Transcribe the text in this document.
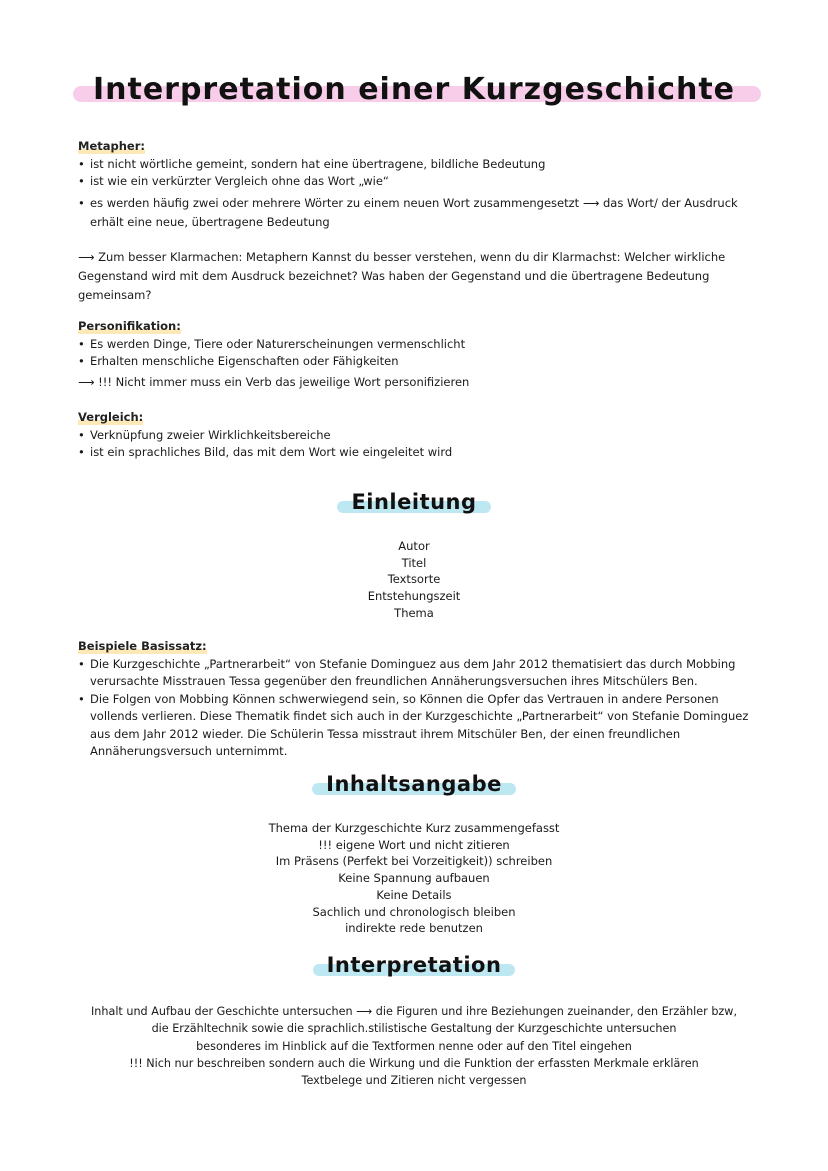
Interpretation einer Kurzgeschichte
Metapher:
• ist nicht wörtliche gemeint, sondern hat eine übertragene, bildliche Bedeutung
• ist wie ein verkürzter Vergleich ohne das Wort „wie“
• es werden häufig zwei oder mehrere Wörter zu einem neuen Wort zusammengesetzt ⟶ das Wort/ der Ausdruck erhält eine neue, übertragene Bedeutung

⟶ Zum besser Klarmachen: Metaphern Kannst du besser verstehen, wenn du dir Klarmachst: Welcher wirkliche Gegenstand wird mit dem Ausdruck bezeichnet? Was haben der Gegenstand und die übertragene Bedeutung gemeinsam?

Personifikation:
• Es werden Dinge, Tiere oder Naturerscheinungen vermenschlicht
• Erhalten menschliche Eigenschaften oder Fähigkeiten

⟶ !!! Nicht immer muss ein Verb das jeweilige Wort personifizieren

Vergleich:
• Verknüpfung zweier Wirklichkeitsbereiche
• ist ein sprachliches Bild, das mit dem Wort wie eingeleitet wird
Einleitung
Autor
Titel
Textsorte
Entstehungszeit
Thema
Beispiele Basissatz:
• Die Kurzgeschichte „Partnerarbeit“ von Stefanie Dominguez aus dem Jahr 2012 thematisiert das durch Mobbing verursachte Misstrauen Tessa gegenüber den freundlichen Annäherungsversuchen ihres Mitschülers Ben.
• Die Folgen von Mobbing Können schwerwiegend sein, so Können die Opfer das Vertrauen in andere Personen vollends verlieren. Diese Thematik findet sich auch in der Kurzgeschichte „Partnerarbeit“ von Stefanie Dominguez aus dem Jahr 2012 wieder. Die Schülerin Tessa misstraut ihrem Mitschüler Ben, der einen freundlichen Annäherungsversuch unternimmt.
Inhaltsangabe
Thema der Kurzgeschichte Kurz zusammengefasst
!!! eigene Wort und nicht zitieren
Im Präsens (Perfekt bei Vorzeitigkeit)) schreiben
Keine Spannung aufbauen
Keine Details
Sachlich und chronologisch bleiben
indirekte rede benutzen
Interpretation
Inhalt und Aufbau der Geschichte untersuchen ⟶ die Figuren und ihre Beziehungen zueinander, den Erzähler bzw,
die Erzähltechnik sowie die sprachlich.stilistische Gestaltung der Kurzgeschichte untersuchen
besonderes im Hinblick auf die Textformen nenne oder auf den Titel eingehen
!!! Nich nur beschreiben sondern auch die Wirkung und die Funktion der erfassten Merkmale erklären
Textbelege und Zitieren nicht vergessen
